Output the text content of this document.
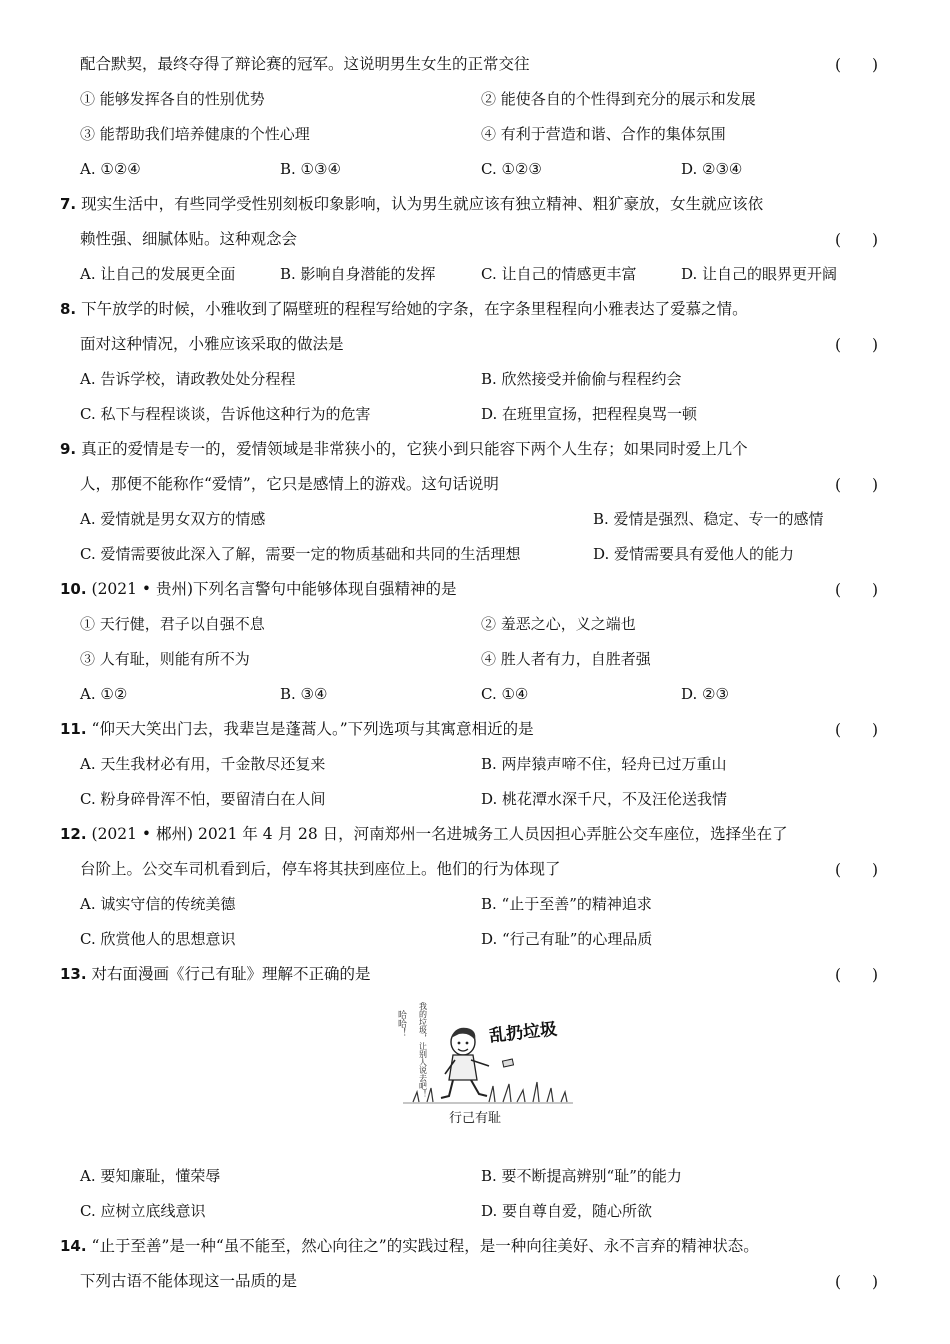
配合默契，最终夺得了辩论赛的冠军。这说明男生女生的正常交往	(　　)
① 能够发挥各自的性别优势	② 能使各自的个性得到充分的展示和发展
③ 能帮助我们培养健康的个性心理	④ 有利于营造和谐、合作的集体氛围
A. ①②④	B. ①③④	C. ①②③	D. ②③④
7. 现实生活中，有些同学受性别刻板印象影响，认为男生就应该有独立精神、粗犷豪放，女生就应该依
赖性强、细腻体贴。这种观念会	(　　)
A. 让自己的发展更全面	B. 影响自身潜能的发挥	C. 让自己的情感更丰富	D. 让自己的眼界更开阔
8. 下午放学的时候，小雅收到了隔壁班的程程写给她的字条，在字条里程程向小雅表达了爱慕之情。
面对这种情况，小雅应该采取的做法是	(　　)
A. 告诉学校，请政教处处分程程	B. 欣然接受并偷偷与程程约会
C. 私下与程程谈谈，告诉他这种行为的危害	D. 在班里宣扬，把程程臭骂一顿
9. 真正的爱情是专一的，爱情领域是非常狭小的，它狭小到只能容下两个人生存；如果同时爱上几个
人，那便不能称作“爱情”，它只是感情上的游戏。这句话说明	(　　)
A. 爱情就是男女双方的情感	B. 爱情是强烈、稳定、专一的感情
C. 爱情需要彼此深入了解，需要一定的物质基础和共同的生活理想	D. 爱情需要具有爱他人的能力
10. (2021 • 贵州)下列名言警句中能够体现自强精神的是	(　　)
① 天行健，君子以自强不息	② 羞恶之心，义之端也
③ 人有耻，则能有所不为	④ 胜人者有力，自胜者强
A. ①②	B. ③④	C. ①④	D. ②③
11. “仰天大笑出门去，我辈岂是蓬蒿人。”下列选项与其寓意相近的是	(　　)
A. 天生我材必有用，千金散尽还复来	B. 两岸猿声啼不住，轻舟已过万重山
C. 粉身碎骨浑不怕，要留清白在人间	D. 桃花潭水深千尺，不及汪伦送我情
12. (2021 • 郴州) 2021 年 4 月 28 日，河南郑州一名进城务工人员因担心弄脏公交车座位，选择坐在了
台阶上。公交车司机看到后，停车将其扶到座位上。他们的行为体现了	(　　)
A. 诚实守信的传统美德	B. “止于至善”的精神追求
C. 欣赏他人的思想意识	D. “行己有耻”的心理品质
13. 对右面漫画《行己有耻》理解不正确的是	(　　)
哈哈！ 我的垃圾，让别人说去吧！	乱扔垃圾
行己有耻
A. 要知廉耻，懂荣辱	B. 要不断提高辨别“耻”的能力
C. 应树立底线意识	D. 要自尊自爱，随心所欲
14. “止于至善”是一种“虽不能至，然心向往之”的实践过程，是一种向往美好、永不言弃的精神状态。
下列古语不能体现这一品质的是	(　　)
